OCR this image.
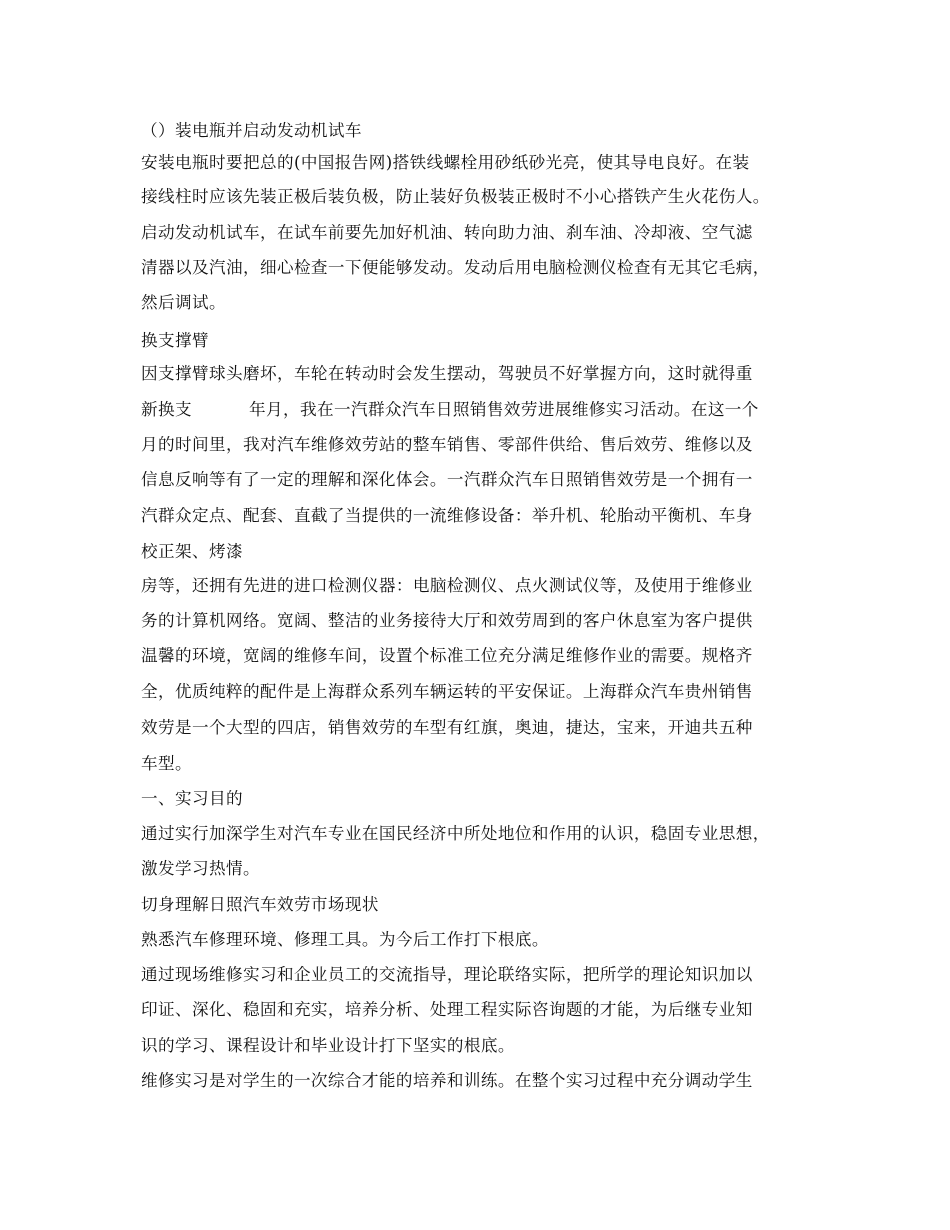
（）装电瓶并启动发动机试车
安装电瓶时要把总的(中国报告网)搭铁线螺栓用砂纸砂光亮，使其导电良好。在装
接线柱时应该先装正极后装负极，防止装好负极装正极时不小心搭铁产生火花伤人。
启动发动机试车，在试车前要先加好机油、转向助力油、刹车油、冷却液、空气滤
清器以及汽油，细心检查一下便能够发动。发动后用电脑检测仪检查有无其它毛病，
然后调试。
换支撑臂
因支撑臂球头磨坏，车轮在转动时会发生摆动，驾驶员不好掌握方向，这时就得重
新换支	年月，我在一汽群众汽车日照销售效劳进展维修实习活动。在这一个
月的时间里，我对汽车维修效劳站的整车销售、零部件供给、售后效劳、维修以及
信息反响等有了一定的理解和深化体会。一汽群众汽车日照销售效劳是一个拥有一
汽群众定点、配套、直截了当提供的一流维修设备：举升机、轮胎动平衡机、车身
校正架、烤漆
房等，还拥有先进的进口检测仪器：电脑检测仪、点火测试仪等，及使用于维修业
务的计算机网络。宽阔、整洁的业务接待大厅和效劳周到的客户休息室为客户提供
温馨的环境，宽阔的维修车间，设置个标准工位充分满足维修作业的需要。规格齐
全，优质纯粹的配件是上海群众系列车辆运转的平安保证。上海群众汽车贵州销售
效劳是一个大型的四店，销售效劳的车型有红旗，奥迪，捷达，宝来，开迪共五种
车型。
一、实习目的
通过实行加深学生对汽车专业在国民经济中所处地位和作用的认识，稳固专业思想，
激发学习热情。
切身理解日照汽车效劳市场现状
熟悉汽车修理环境、修理工具。为今后工作打下根底。
通过现场维修实习和企业员工的交流指导，理论联络实际，把所学的理论知识加以
印证、深化、稳固和充实，培养分析、处理工程实际咨询题的才能，为后继专业知
识的学习、课程设计和毕业设计打下坚实的根底。
维修实习是对学生的一次综合才能的培养和训练。在整个实习过程中充分调动学生
